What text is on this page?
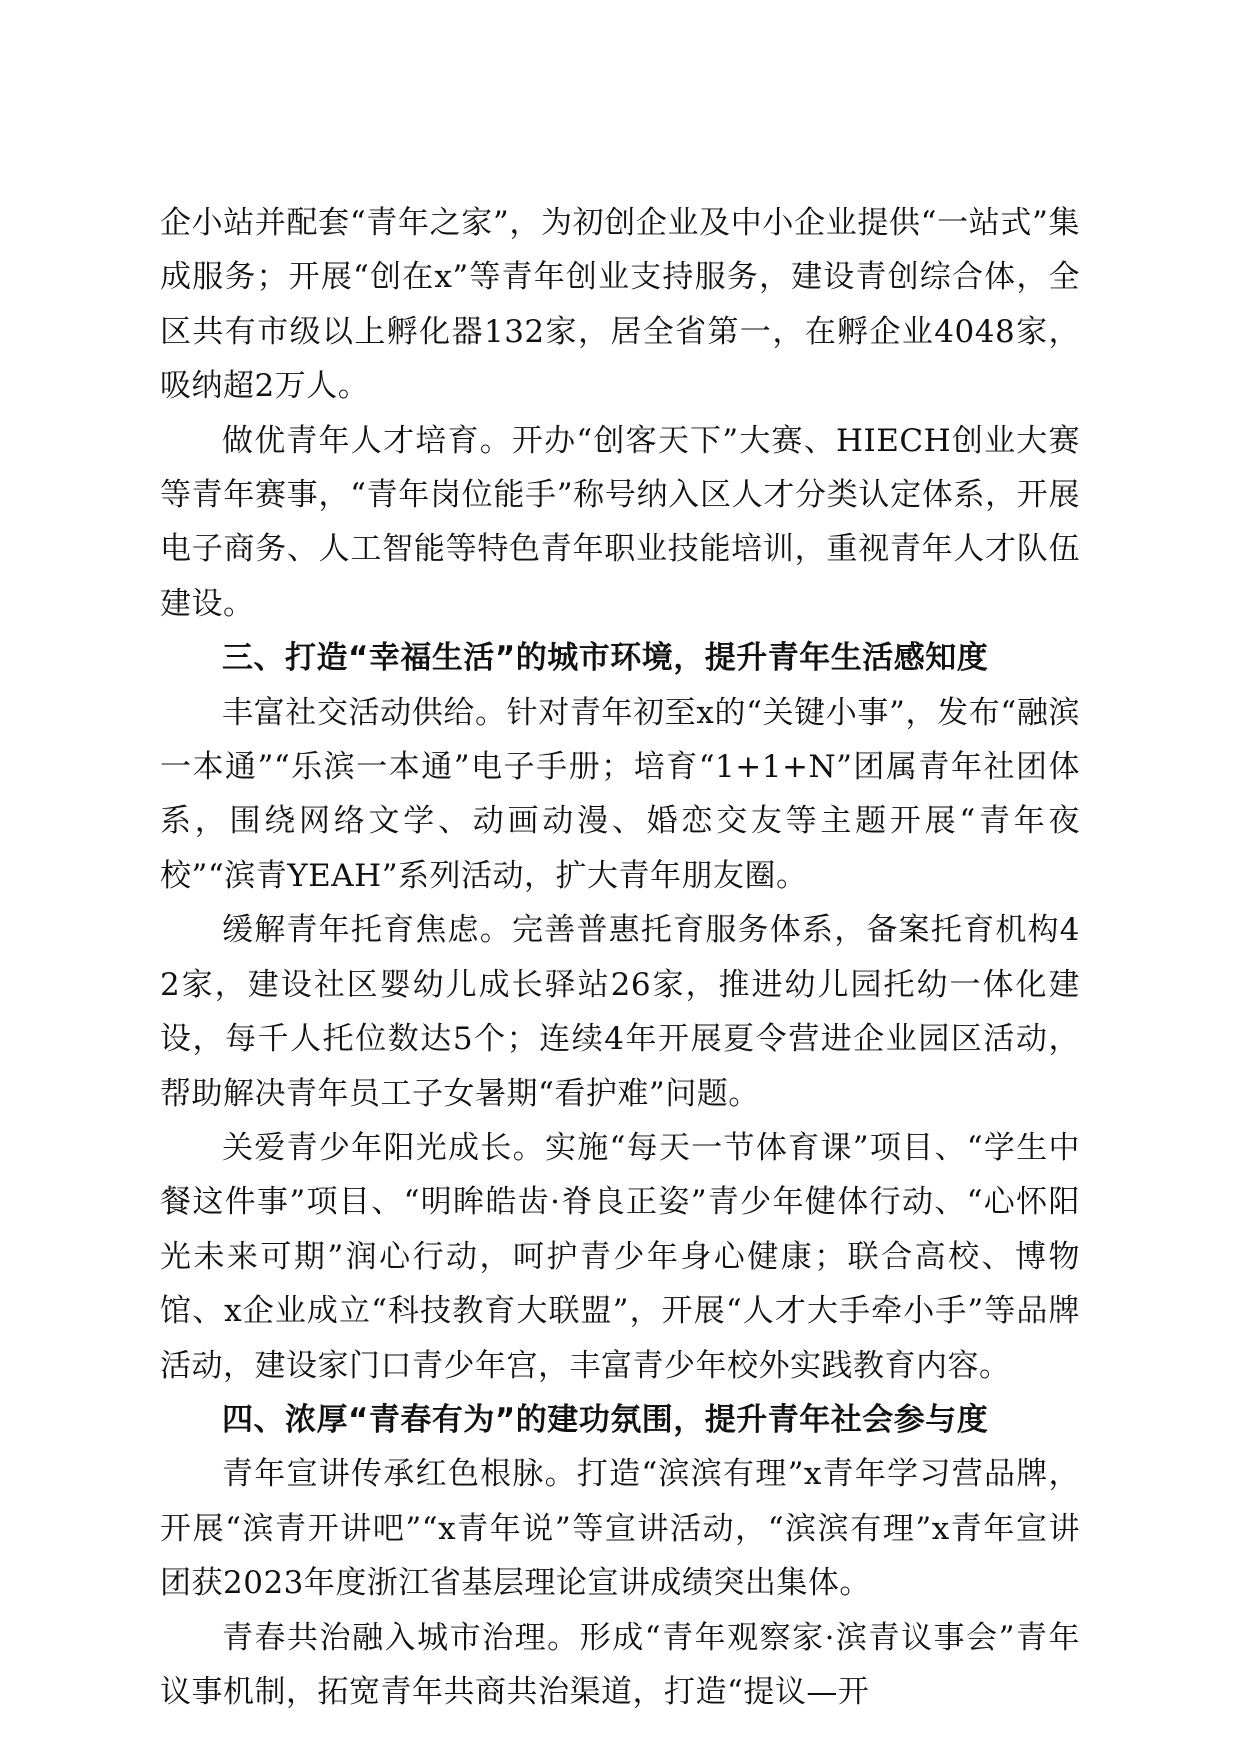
企小站并配套“青年之家”，为初创企业及中小企业提供“一站式”集成服务；开展“创在x”等青年创业支持服务，建设青创综合体，全区共有市级以上孵化器132家，居全省第一，在孵企业4048家，吸纳超2万人。

做优青年人才培育。开办“创客天下”大赛、HIECH创业大赛等青年赛事，“青年岗位能手”称号纳入区人才分类认定体系，开展电子商务、人工智能等特色青年职业技能培训，重视青年人才队伍建设。

三、打造“幸福生活”的城市环境，提升青年生活感知度

丰富社交活动供给。针对青年初至x的“关键小事”，发布“融滨一本通”“乐滨一本通”电子手册；培育“1+1+N”团属青年社团体系，围绕网络文学、动画动漫、婚恋交友等主题开展“青年夜校”“滨青YEAH”系列活动，扩大青年朋友圈。

缓解青年托育焦虑。完善普惠托育服务体系，备案托育机构42家，建设社区婴幼儿成长驿站26家，推进幼儿园托幼一体化建设，每千人托位数达5个；连续4年开展夏令营进企业园区活动，帮助解决青年员工子女暑期“看护难”问题。

关爱青少年阳光成长。实施“每天一节体育课”项目、“学生中餐这件事”项目、“明眸皓齿·脊良正姿”青少年健体行动、“心怀阳光未来可期”润心行动，呵护青少年身心健康；联合高校、博物馆、x企业成立“科技教育大联盟”，开展“人才大手牵小手”等品牌活动，建设家门口青少年宫，丰富青少年校外实践教育内容。

四、浓厚“青春有为”的建功氛围，提升青年社会参与度

青年宣讲传承红色根脉。打造“滨滨有理”x青年学习营品牌，开展“滨青开讲吧”“x青年说”等宣讲活动，“滨滨有理”x青年宣讲团获2023年度浙江省基层理论宣讲成绩突出集体。

青春共治融入城市治理。形成“青年观察家·滨青议事会”青年议事机制，拓宽青年共商共治渠道，打造“提议—开
